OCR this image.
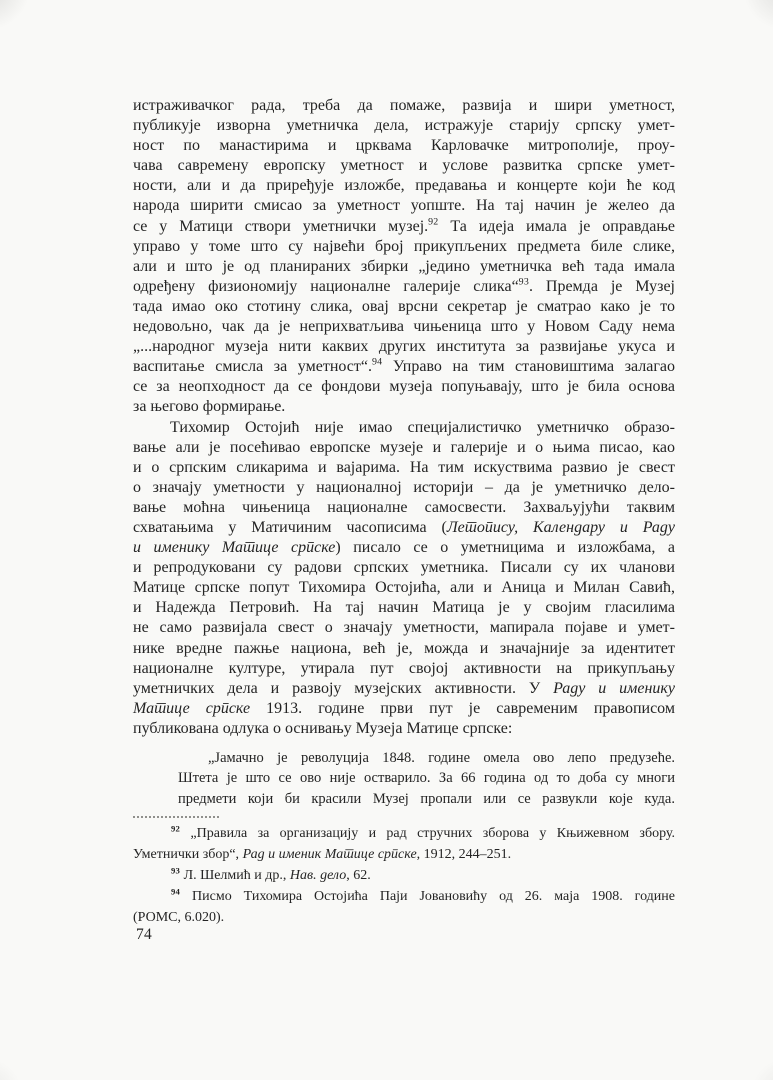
истраживачког рада, треба да помаже, развија и шири уметност,
публикује изворна уметничка дела, истражује старију српску умет-
ност по манастирима и црквама Карловачке митрополије, проу-
чава савремену европску уметност и услове развитка српске умет-
ности, али и да приређује изложбе, предавања и концерте који ће код
народа ширити смисао за уметност уопште. На тај начин је желео да
се у Матици створи уметнички музеј.$^{92}$ Та идеја имала је оправдање
управо у томе што су највећи број прикупљених предмета биле слике,
али и што је од планираних збирки „једино уметничка већ тада имала
одређену физиономију националне галерије слика“$^{93}$. Премда је Музеј
тада имао око стотину слика, овај врсни секретар је сматрао како је то
недовољно, чак да је неприхватљива чињеница што у Новом Саду нема
„...народног музеја нити каквих других института за развијање укуса и
васпитање смисла за уметност“.$^{94}$ Управо на тим становиштима залагао
се за неопходност да се фондови музеја попуњавају, што је била основа
за његово формирање.
Тихомир Остојић није имао специјалистичко уметничко образо-
вање али је посећивао европске музеје и галерије и о њима писао, као
и о српским сликарима и вајарима. На тим искуствима развио је свест
о значају уметности у националној историји – да је уметничко дело-
вање моћна чињеница националне самосвести. Захваљујући таквим
схватањима у Матичиним часописима (Летопису, Календару и Раду
и именику Матице српске) писало се о уметницима и изложбама, а
и репродуковани су радови српских уметника. Писали су их чланови
Матице српске попут Тихомира Остојића, али и Аница и Милан Савић,
и Надежда Петровић. На тај начин Матица је у својим гласилима
не само развијала свест о значају уметности, мапирала појаве и умет-
нике вредне пажње национа, већ је, можда и значајније за идентитет
националне културе, утирала пут својој активности на прикупљању
уметничких дела и развоју музејских активности. У Раду и именику
Матице српске 1913. године први пут је савременим правописом
публикована одлука о оснивању Музеја Матице српске:
„Јамачно је револуција 1848. године омела ово лепо предузеће.
Штета је што се ово није остварило. За 66 година од то доба су многи
предмети који би красили Музеј пропали или се развукли које куда.
$^{92}$ „Правила за организацију и рад стручних зборова у Књижевном збору.
Уметнички збор“, Рад и именик Матице српске, 1912, 244–251.
$^{93}$ Л. Шелмић и др., Нав. дело, 62.
$^{94}$ Писмо Тихомира Остојића Паји Јовановићу од 26. маја 1908. године
(РОМС, 6.020).
74
